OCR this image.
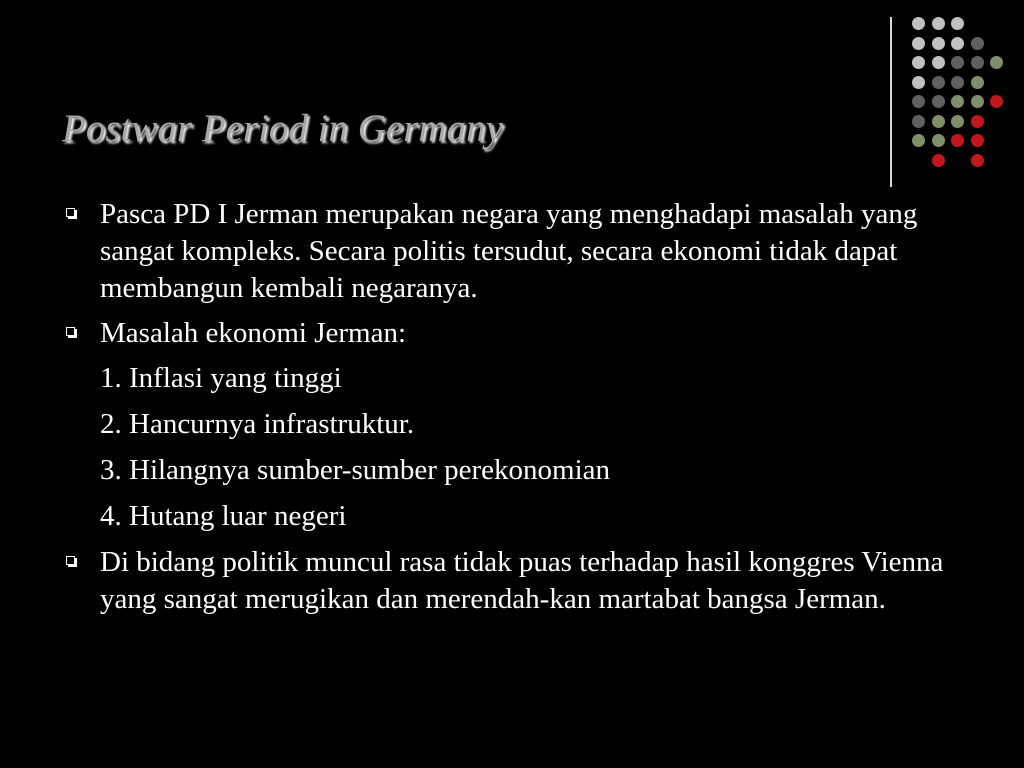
Postwar Period in Germany
Pasca PD I Jerman merupakan negara yang menghadapi masalah yang sangat kompleks. Secara politis tersudut, secara ekonomi tidak dapat membangun kembali negaranya.
Masalah ekonomi Jerman:
1. Inflasi yang tinggi
2. Hancurnya infrastruktur.
3. Hilangnya sumber-sumber perekonomian
4. Hutang luar negeri
Di bidang politik muncul rasa tidak puas terhadap hasil konggres Vienna yang sangat merugikan dan merendah-kan martabat bangsa Jerman.
